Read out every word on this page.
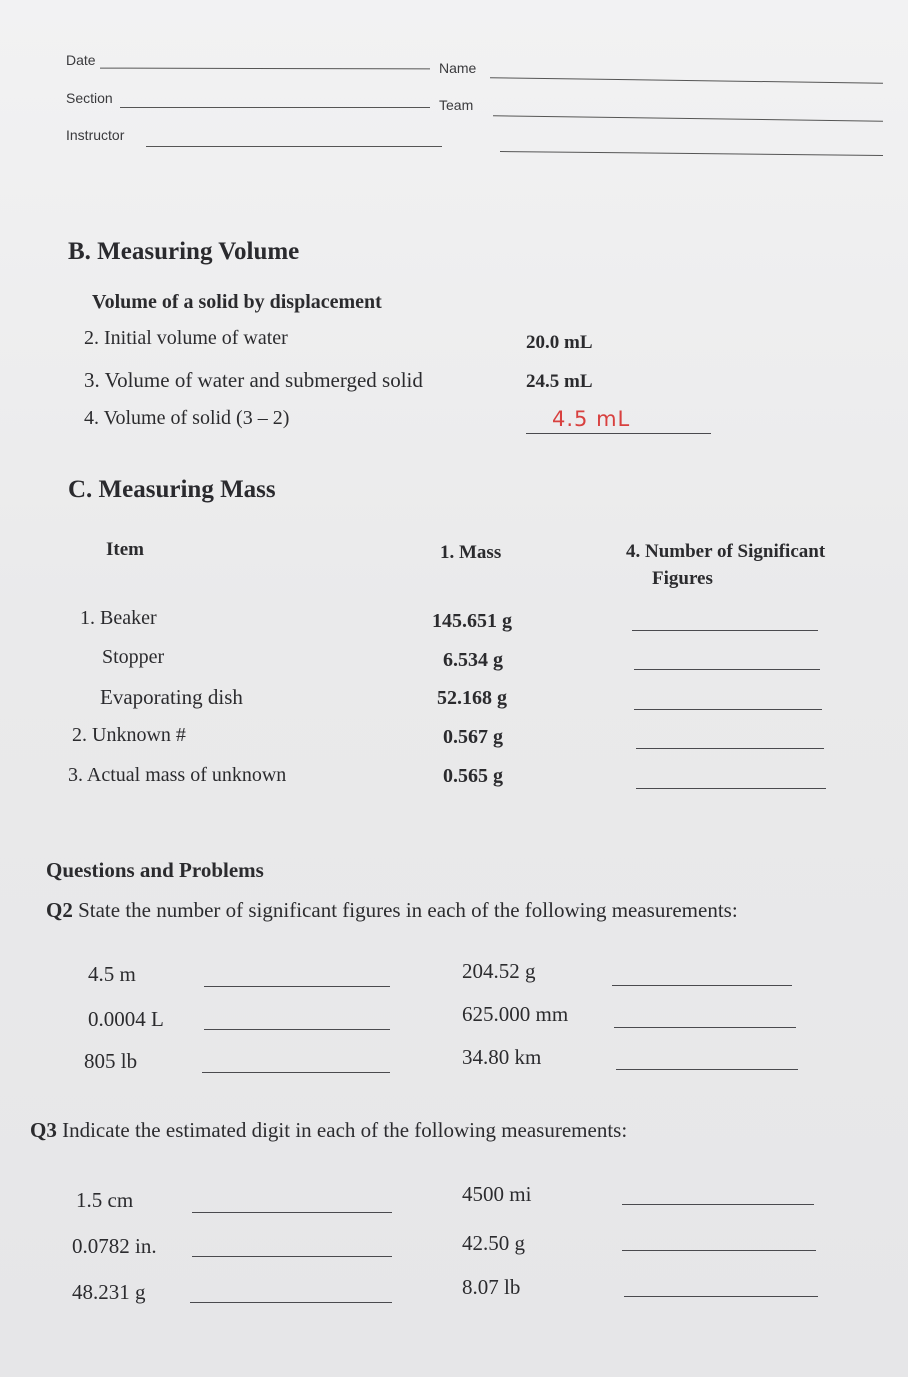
Date	Name
Section	Team
Instructor
B. Measuring Volume
Volume of a solid by displacement
2. Initial volume of water	20.0 mL
3. Volume of water and submerged solid	24.5 mL
4. Volume of solid (3 – 2)	4.5 mL
C. Measuring Mass
Item	1. Mass	4. Number of Significant
Figures
1. Beaker	145.651 g
Stopper	6.534 g
Evaporating dish	52.168 g
2. Unknown #	0.567 g
3. Actual mass of unknown	0.565 g
Questions and Problems
Q2 State the number of significant figures in each of the following measurements:
4.5 m	204.52 g
0.0004 L	625.000 mm
805 lb	34.80 km
Q3 Indicate the estimated digit in each of the following measurements:
1.5 cm	4500 mi
0.0782 in.	42.50 g
48.231 g	8.07 lb
